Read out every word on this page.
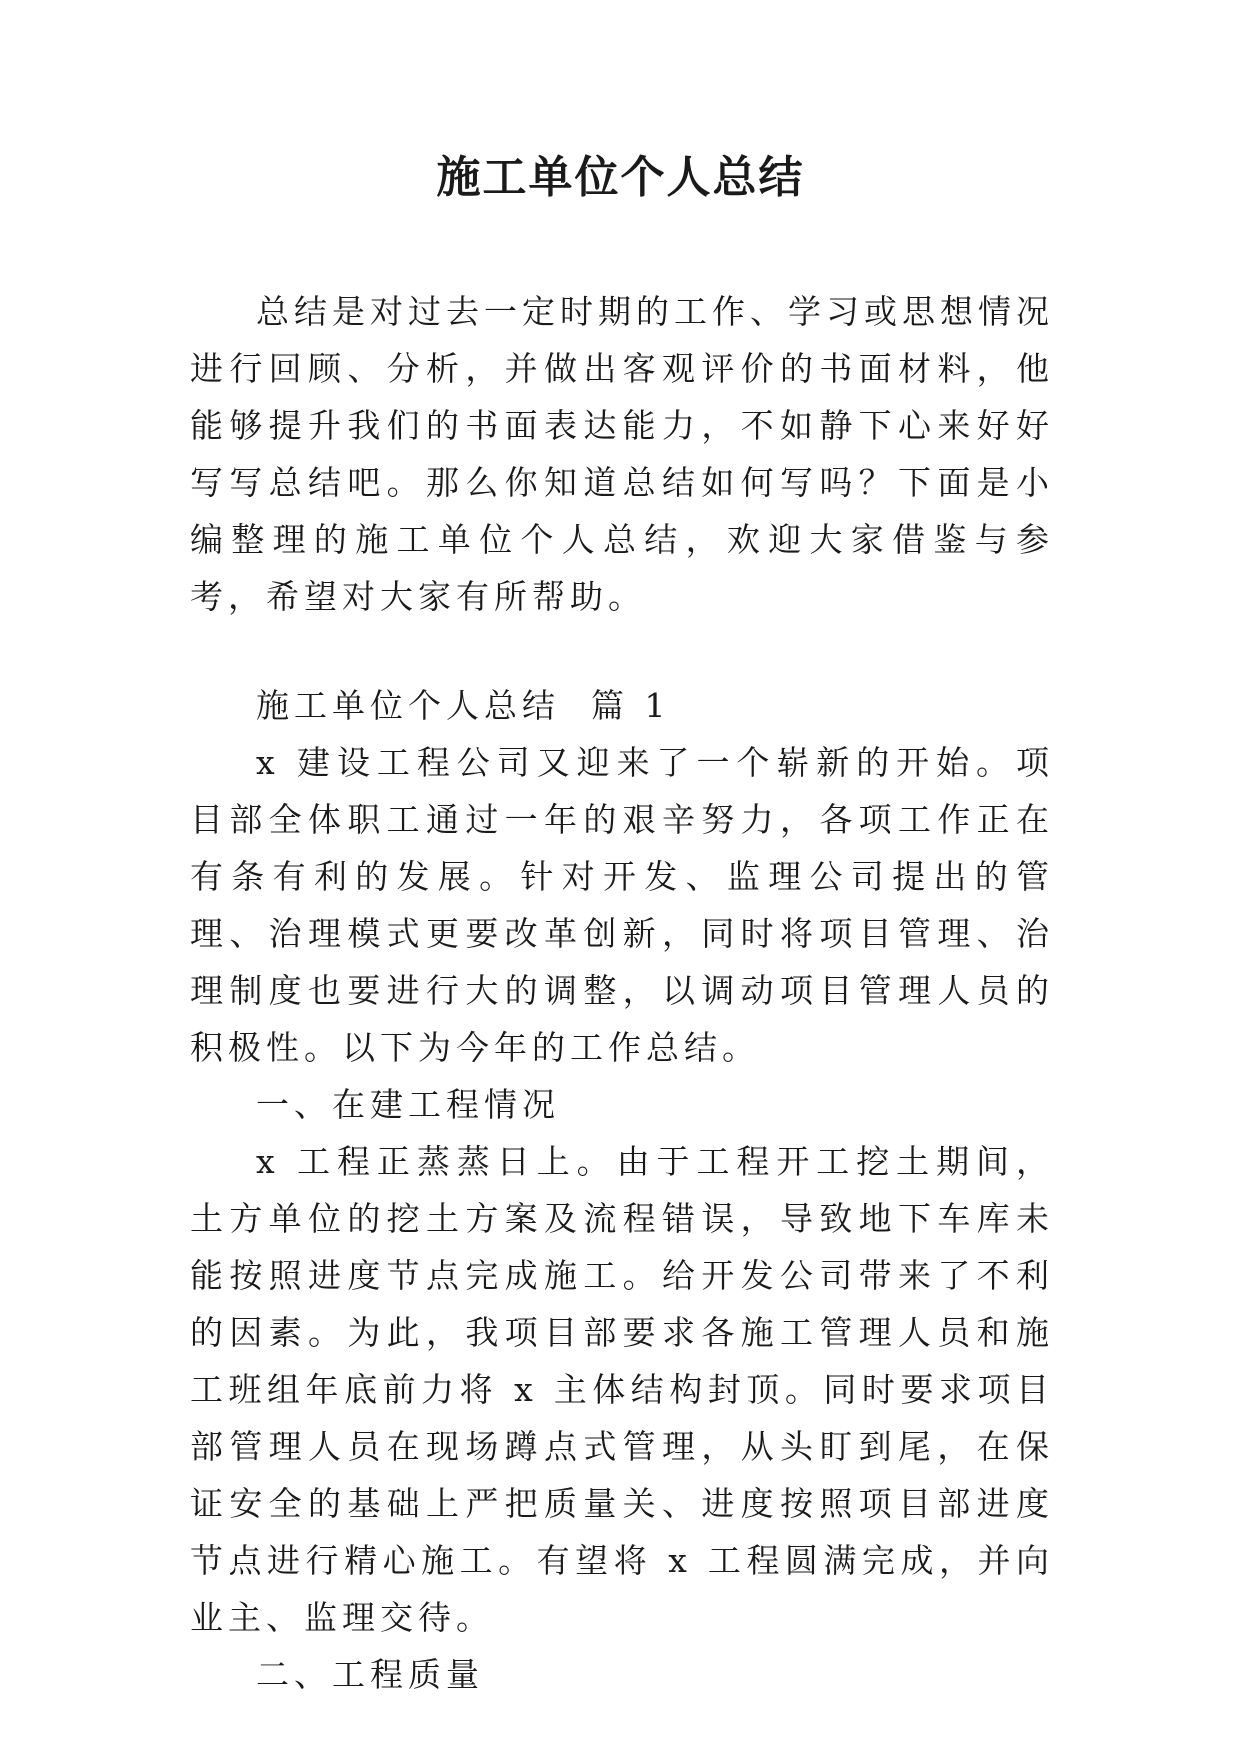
施工单位个人总结

总结是对过去一定时期的工作、学习或思想情况进行回顾、分析，并做出客观评价的书面材料，他能够提升我们的书面表达能力，不如静下心来好好写写总结吧。那么你知道总结如何写吗？下面是小编整理的施工单位个人总结，欢迎大家借鉴与参考，希望对大家有所帮助。

施工单位个人总结  篇 1

x 建设工程公司又迎来了一个崭新的开始。项目部全体职工通过一年的艰辛努力，各项工作正在有条有利的发展。针对开发、监理公司提出的管理、治理模式更要改革创新，同时将项目管理、治理制度也要进行大的调整，以调动项目管理人员的积极性。以下为今年的工作总结。

一、在建工程情况

x 工程正蒸蒸日上。由于工程开工挖土期间，土方单位的挖土方案及流程错误，导致地下车库未能按照进度节点完成施工。给开发公司带来了不利的因素。为此，我项目部要求各施工管理人员和施工班组年底前力将 x 主体结构封顶。同时要求项目部管理人员在现场蹲点式管理，从头盯到尾，在保证安全的基础上严把质量关、进度按照项目部进度节点进行精心施工。有望将 x 工程圆满完成，并向业主、监理交待。

二、工程质量
